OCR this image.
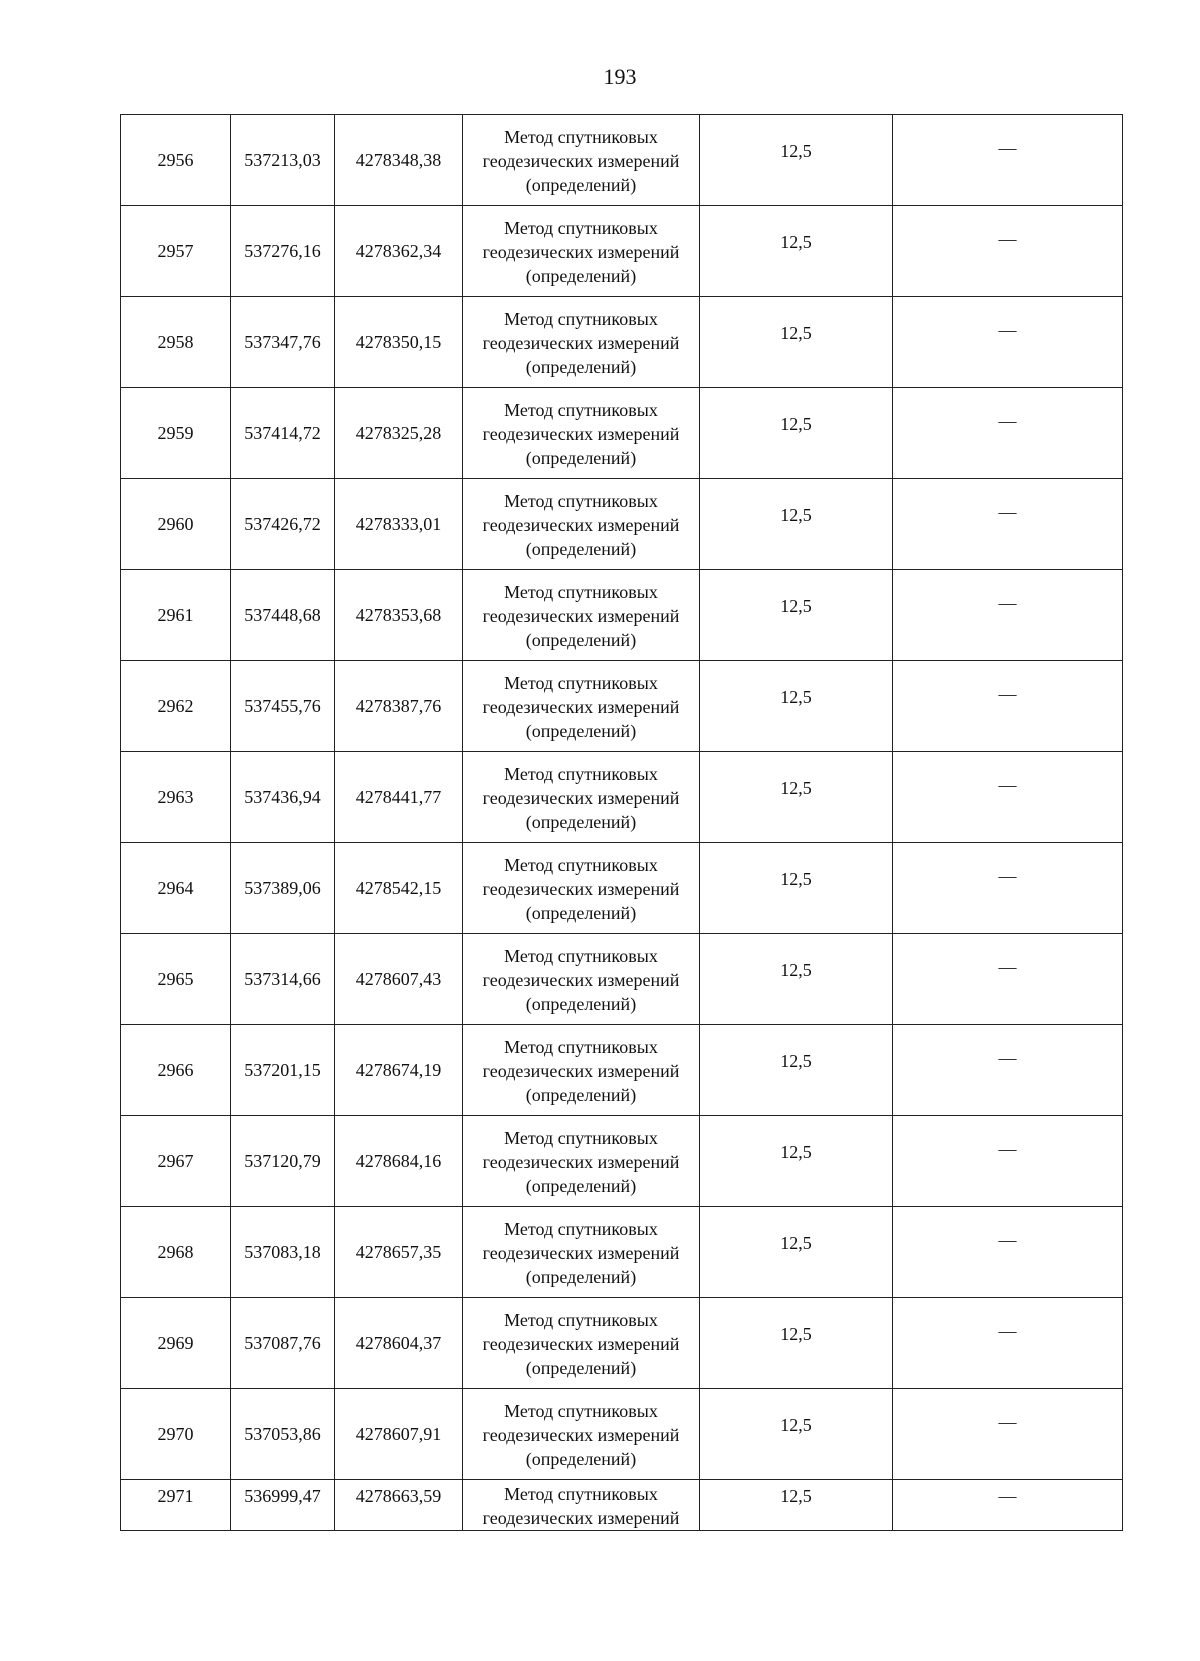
193
2956	537213,03	4278348,38	Метод спутниковых
геодезических измерений
(определений)	12,5	—
2957	537276,16	4278362,34	Метод спутниковых
геодезических измерений
(определений)	12,5	—
2958	537347,76	4278350,15	Метод спутниковых
геодезических измерений
(определений)	12,5	—
2959	537414,72	4278325,28	Метод спутниковых
геодезических измерений
(определений)	12,5	—
2960	537426,72	4278333,01	Метод спутниковых
геодезических измерений
(определений)	12,5	—
2961	537448,68	4278353,68	Метод спутниковых
геодезических измерений
(определений)	12,5	—
2962	537455,76	4278387,76	Метод спутниковых
геодезических измерений
(определений)	12,5	—
2963	537436,94	4278441,77	Метод спутниковых
геодезических измерений
(определений)	12,5	—
2964	537389,06	4278542,15	Метод спутниковых
геодезических измерений
(определений)	12,5	—
2965	537314,66	4278607,43	Метод спутниковых
геодезических измерений
(определений)	12,5	—
2966	537201,15	4278674,19	Метод спутниковых
геодезических измерений
(определений)	12,5	—
2967	537120,79	4278684,16	Метод спутниковых
геодезических измерений
(определений)	12,5	—
2968	537083,18	4278657,35	Метод спутниковых
геодезических измерений
(определений)	12,5	—
2969	537087,76	4278604,37	Метод спутниковых
геодезических измерений
(определений)	12,5	—
2970	537053,86	4278607,91	Метод спутниковых
геодезических измерений
(определений)	12,5	—
2971	536999,47	4278663,59	Метод спутниковых
геодезических измерений	12,5	—
